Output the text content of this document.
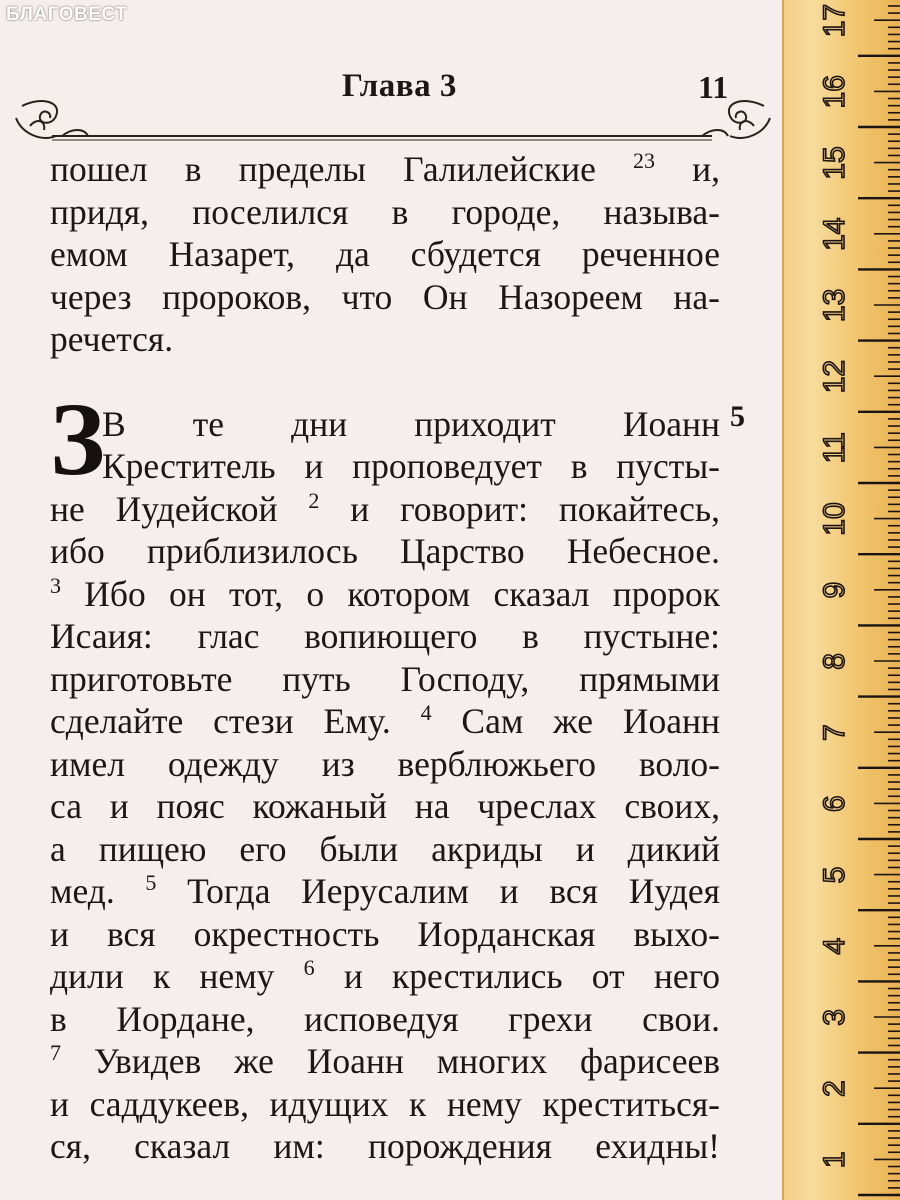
БЛАГОВЕСТ
Глава 3	11
З	5
пошел в пределы Галилейские $^{23}$ и,
придя, поселился в городе, называ-
емом Назарет, да сбудется реченное
через пророков, что Он Назореем на-
речется.
В те дни приходит Иоанн
Креститель и проповедует в пусты-
не Иудейской $^2$ и говорит: покайтесь,
ибо приблизилось Царство Небесное.
$^3$ Ибо он тот, о котором сказал пророк
Исаия: глас вопиющего в пустыне:
приготовьте путь Господу, прямыми
сделайте стези Ему. $^4$ Сам же Иоанн
имел одежду из верблюжьего воло-
са и пояс кожаный на чреслах своих,
а пищею его были акриды и дикий
мед. $^5$ Тогда Иерусалим и вся Иудея
и вся окрестность Иорданская выхо-
дили к нему $^6$ и крестились от него
в Иордане, исповедуя грехи свои.
$^7$ Увидев же Иоанн многих фарисеев
и саддукеев, идущих к нему креститься-
ся, сказал им: порождения ехидны!	1
2
3
4
5
6
7
8
9
10
11
12
13
14
15
16
17
